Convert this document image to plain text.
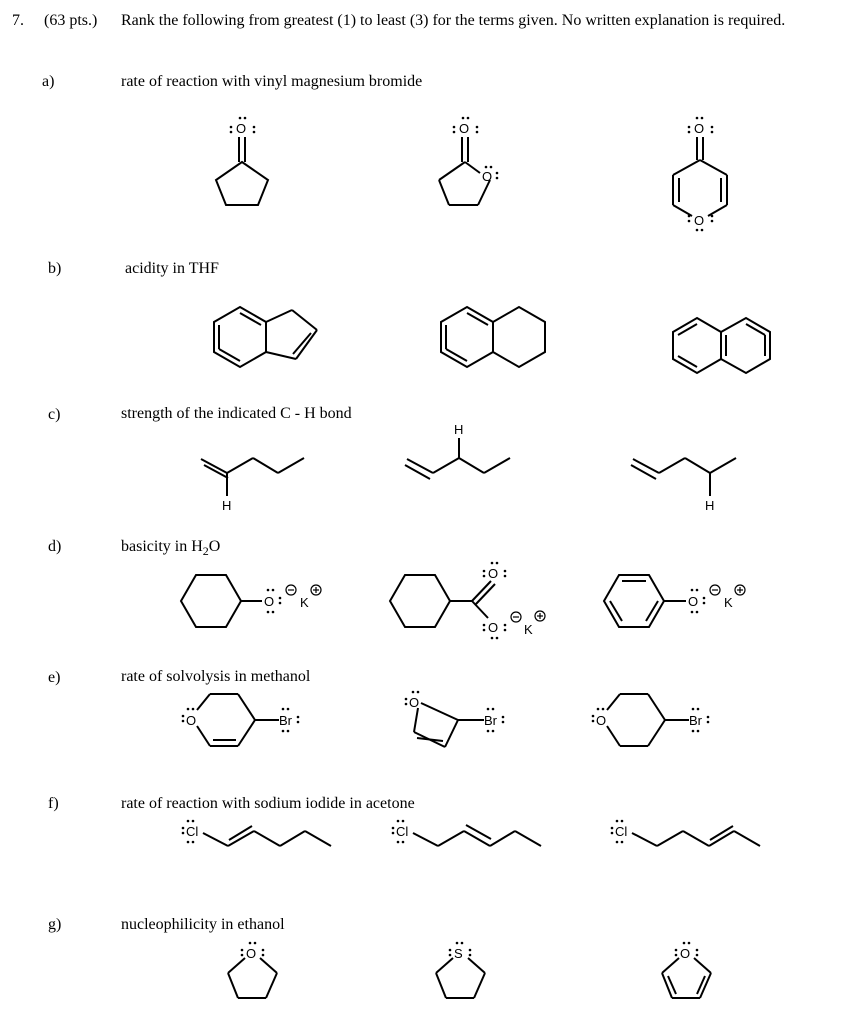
7. (63 pts.) Rank the following from greatest (1) to least (3) for the terms given. No written explanation is required.
a)	rate of reaction with vinyl magnesium bromide
b)	acidity in THF
c)	strength of the indicated C - H bond
d)	basicity in $H_2O$
e)	rate of solvolysis in methanol
f)	rate of reaction with sodium iodide in acetone
g)	nucleophilicity in ethanol
O	O
O
O
O
H
H
H
O K
O
O K
O K
O	Br
O
Br	O	Br
Cl	Cl	Cl
O	S	O
